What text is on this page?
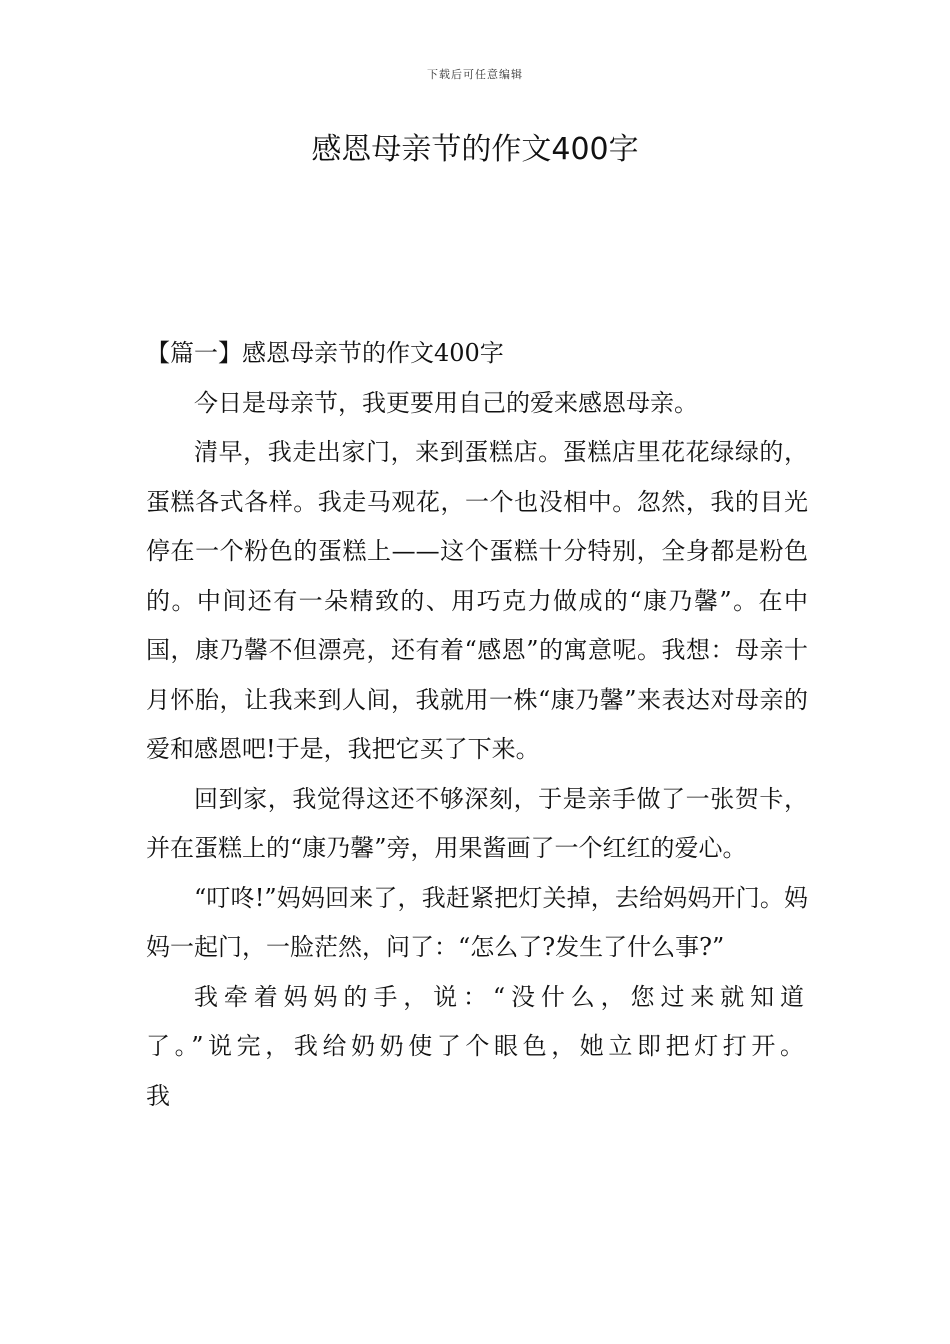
下载后可任意编辑
感恩母亲节的作文400字

【篇一】感恩母亲节的作文400字

今日是母亲节，我更要用自己的爱来感恩母亲。

清早，我走出家门，来到蛋糕店。蛋糕店里花花绿绿的，蛋糕各式各样。我走马观花，一个也没相中。忽然，我的目光停在一个粉色的蛋糕上——这个蛋糕十分特别，全身都是粉色的。中间还有一朵精致的、用巧克力做成的“康乃馨”。在中国，康乃馨不但漂亮，还有着“感恩”的寓意呢。我想：母亲十月怀胎，让我来到人间，我就用一株“康乃馨”来表达对母亲的爱和感恩吧!于是，我把它买了下来。

回到家，我觉得这还不够深刻，于是亲手做了一张贺卡，并在蛋糕上的“康乃馨”旁，用果酱画了一个红红的爱心。

“叮咚!”妈妈回来了，我赶紧把灯关掉，去给妈妈开门。妈妈一起门，一脸茫然，问了：“怎么了?发生了什么事?”

我牵着妈妈的手，说：“没什么，您过来就知道了。”说完，我给奶奶使了个眼色，她立即把灯打开。我
